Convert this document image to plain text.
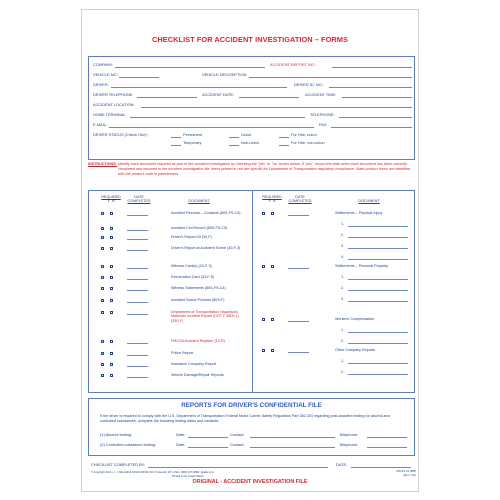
CHECKLIST FOR ACCIDENT INVESTIGATION – FORMS
COMPANY:	ACCIDENT REPORT NO.:
VEHICLE NO.:	VEHICLE DESCRIPTION:
DRIVER:	DRIVER ID. NO.:
DRIVER TELEPHONE:	ACCIDENT DATE:	ACCIDENT TIME:
ACCIDENT LOCATION:
HOME TERMINAL:	TELEPHONE:
E-MAIL:	FAX:
DRIVER STATUS (Check One):	Permanent	Union	For Hire, union
Temporary	Non-union	For Hire, non-union
INSTRUCTIONS: Identify each document required as part of this accident investigation by checking the "yes" or "no" boxes below. If "yes", record the date when each document has been correctly completed and returned to the accident investigation file. Items printed in red are specific for Department of Transportation regulatory compliance. State product forms are identified with the product code in parentheses.
REQUIRED
Y N
DATE
COMPLETED	DOCUMENT
REQUIRED
Y N
DATE
COMPLETED	DOCUMENT
Accident Records – Contacts (80S-FS-C4)
Accident Cell Record (80S-FS-C5)
Driver's Report Kit (30-F)
Driver's Report at Accident Scene (30-F-3)
Witness Card(s) (33-F-3)
Exoneration Card (33-F-5)
Witness Statements (80S-FS-C4)
Accident Scene Pictures (80S-F)
Department of Transportation Hazardous Materials Incident Report (DOT F 5800.1) (330-F)
FMCSA Accident Register (10-R)
Police Report
Insurance Company Report
Vehicle Damage/Repair Reports
Settlements – Physical Injury
1.
2.
3.
4.
Settlements – Personal Property
1.
2.
3.
Workers' Compensation
1.
2.
Other Company Reports
1.
2.
REPORTS FOR DRIVER'S CONFIDENTIAL FILE
If the driver is required to comply with the U.S. Department of Transportation Federal Motor Carrier Safety Regulation Part 382.303 regarding post-accident testing for alcohol and controlled substances, complete the following testing dates and contacts:
(1) Alcohol testing:	Date:	Contact:	Telephone:
(2) Controlled substance testing:	Date:	Contact:	Telephone:
CHECKLIST COMPLETED BY:	DATE:
© Copyright 2011 • J. J. KELLER & ASSOCIATES, INC.® Neenah, WI • USA • (800) 327-6868 • jjkeller.com
Printed in the United States
803-FS-C4 (888)
(Rev. 7/11)
ORIGINAL - ACCIDENT INVESTIGATION FILE
